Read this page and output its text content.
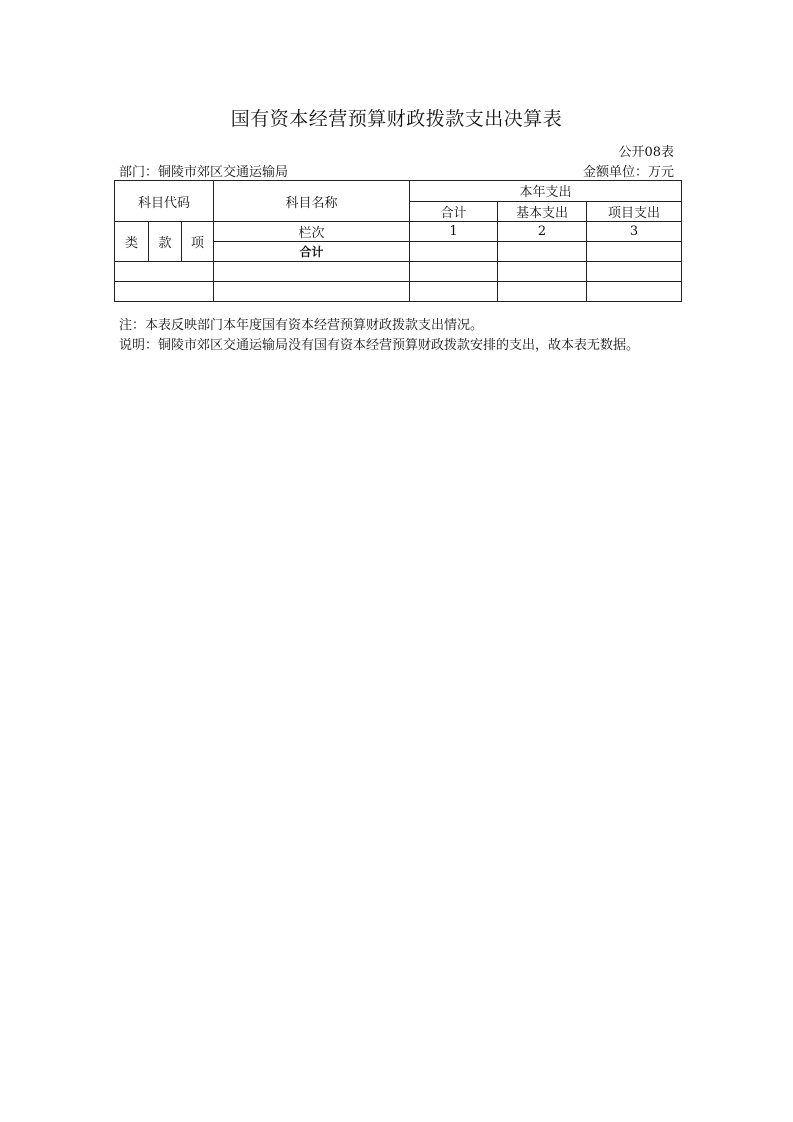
国有资本经营预算财政拨款支出决算表
公开08表
部门：铜陵市郊区交通运输局	金额单位：万元
科目代码			科目名称	本年支出		
				合计	基本支出	项目支出
类	款	项	栏次	1	2	3
			合计			

注：本表反映部门本年度国有资本经营预算财政拨款支出情况。
说明：铜陵市郊区交通运输局没有国有资本经营预算财政拨款安排的支出，故本表无数据。
